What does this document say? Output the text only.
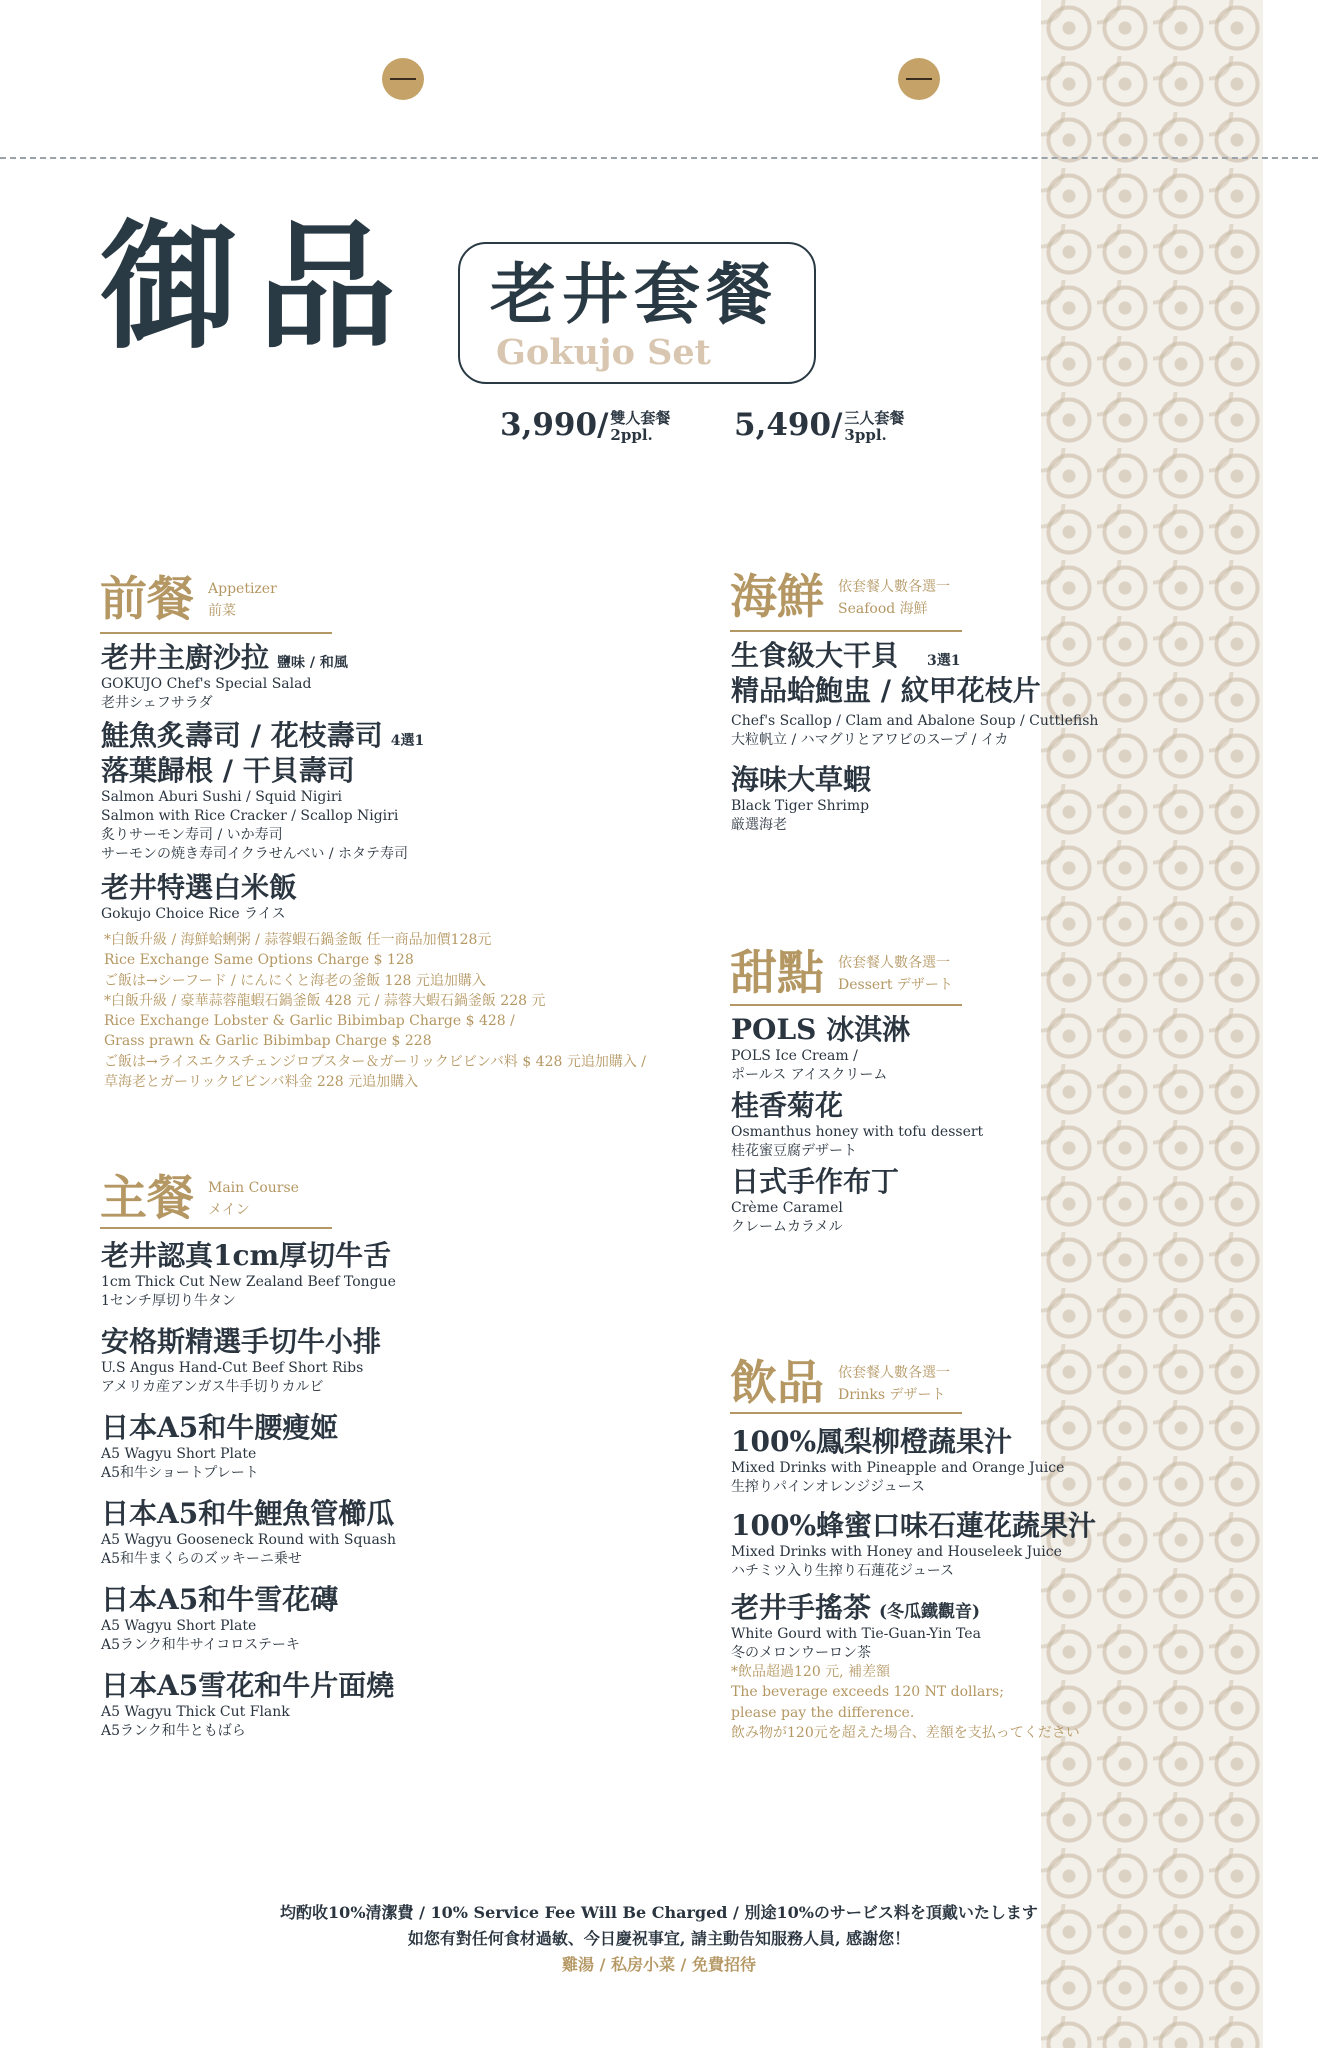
御品 老井套餐
Gokujo Set
3,990/ 雙人套餐
2ppl.	5,490/ 三人套餐
3ppl.
前餐 Appetizer
前菜
老井主廚沙拉 鹽味 / 和風
GOKUJO Chef's Special Salad
老井シェフサラダ
鮭魚炙壽司 / 花枝壽司 4選1
落葉歸根 / 干貝壽司
Salmon Aburi Sushi / Squid Nigiri
Salmon with Rice Cracker / Scallop Nigiri
炙りサーモン寿司 / いか寿司
サーモンの焼き寿司イクラせんべい / ホタテ寿司
老井特選白米飯
Gokujo Choice Rice ライス
*白飯升級 / 海鮮蛤蜊粥 / 蒜蓉蝦石鍋釜飯 任一商品加價128元
Rice Exchange Same Options Charge $ 128
ご飯は→シーフード / にんにくと海老の釜飯 128 元追加購入
*白飯升級 / 豪華蒜蓉龍蝦石鍋釜飯 428 元 / 蒜蓉大蝦石鍋釜飯 228 元
Rice Exchange Lobster & Garlic Bibimbap Charge $ 428 /
Grass prawn & Garlic Bibimbap Charge $ 228
ご飯は→ライスエクスチェンジロブスター＆ガーリックビビンバ料 $ 428 元追加購入 /
草海老とガーリックビビンバ料金 228 元追加購入
主餐 Main Course
メイン
老井認真1cm厚切牛舌
1cm Thick Cut New Zealand Beef Tongue
1センチ厚切り牛タン
安格斯精選手切牛小排
U.S Angus Hand-Cut Beef Short Ribs
アメリカ産アンガス牛手切りカルビ
日本A5和牛腰瘦姬
A5 Wagyu Short Plate
A5和牛ショートプレート
日本A5和牛鯉魚管櫛瓜
A5 Wagyu Gooseneck Round with Squash
A5和牛まくらのズッキーニ乗せ
日本A5和牛雪花磚
A5 Wagyu Short Plate
A5ランク和牛サイコロステーキ
日本A5雪花和牛片面燒
A5 Wagyu Thick Cut Flank
A5ランク和牛ともばら
海鮮 依套餐人數各選一
Seafood 海鮮
生食級大干貝 3選1
精品蛤鮑盅 / 紋甲花枝片
Chef's Scallop / Clam and Abalone Soup / Cuttlefish
大粒帆立 / ハマグリとアワビのスープ / イカ
海味大草蝦
Black Tiger Shrimp
厳選海老
甜點 依套餐人數各選一
Dessert デザート
POLS 冰淇淋
POLS Ice Cream /
ポールス アイスクリーム
桂香菊花
Osmanthus honey with tofu dessert
桂花蜜豆腐デザート
日式手作布丁
Crème Caramel
クレームカラメル
飲品 依套餐人數各選一
Drinks デザート
100%鳳梨柳橙蔬果汁
Mixed Drinks with Pineapple and Orange Juice
生搾りパインオレンジジュース
100%蜂蜜口味石蓮花蔬果汁
Mixed Drinks with Honey and Houseleek Juice
ハチミツ入り生搾り石蓮花ジュース
老井手搖茶 (冬瓜鐵觀音)
White Gourd with Tie-Guan-Yin Tea
冬のメロンウーロン茶
*飲品超過120 元, 補差額
The beverage exceeds 120 NT dollars;
please pay the difference.
飲み物が120元を超えた場合、差額を支払ってください
均酌收10%清潔費 / 10% Service Fee Will Be Charged / 別途10%のサービス料を頂戴いたします
如您有對任何食材過敏、今日慶祝事宜, 請主動告知服務人員, 感謝您！
雞湯 / 私房小菜 / 免費招待
